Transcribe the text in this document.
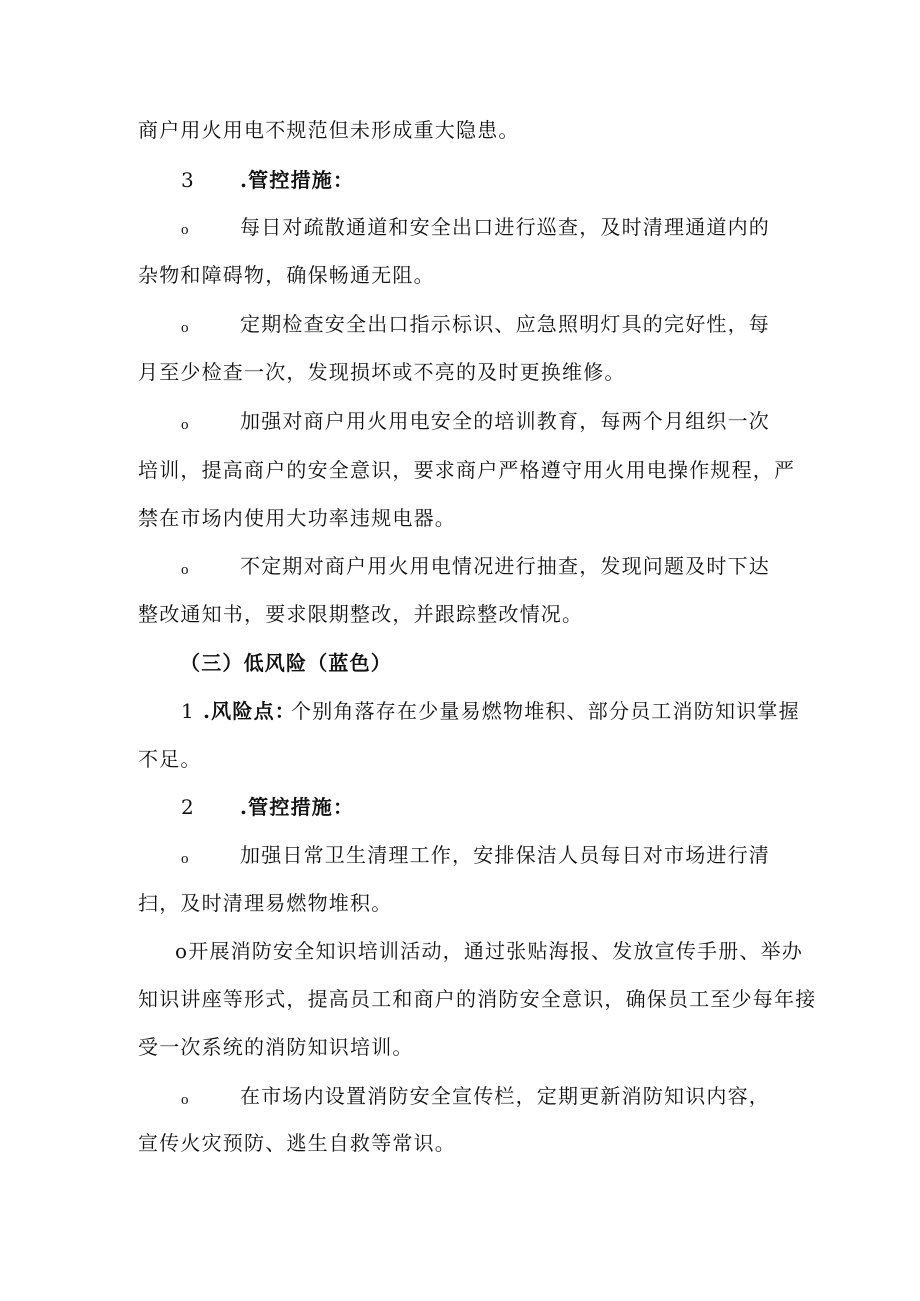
商户用火用电不规范但未形成重大隐患。
3 .管控措施：
o	每日对疏散通道和安全出口进行巡查，及时清理通道内的
杂物和障碍物，确保畅通无阻。
o	定期检查安全出口指示标识、应急照明灯具的完好性，每
月至少检查一次，发现损坏或不亮的及时更换维修。
o	加强对商户用火用电安全的培训教育，每两个月组织一次
培训，提高商户的安全意识，要求商户严格遵守用火用电操作规程，严
禁在市场内使用大功率违规电器。
o	不定期对商户用火用电情况进行抽查，发现问题及时下达
整改通知书，要求限期整改，并跟踪整改情况。
（三）低风险（蓝色）
1 .风险点：
个别角落存在少量易燃物堆积、部分员工消防知识掌握
不足。
2 .管控措施：
o	加强日常卫生清理工作，安排保洁人员每日对市场进行清
扫，及时清理易燃物堆积。
o开展消防安全知识培训活动，通过张贴海报、发放宣传手册、举办
知识讲座等形式，提高员工和商户的消防安全意识，确保员工至少每年接
受一次系统的消防知识培训。
o	在市场内设置消防安全宣传栏，定期更新消防知识内容，
宣传火灾预防、逃生自救等常识。
